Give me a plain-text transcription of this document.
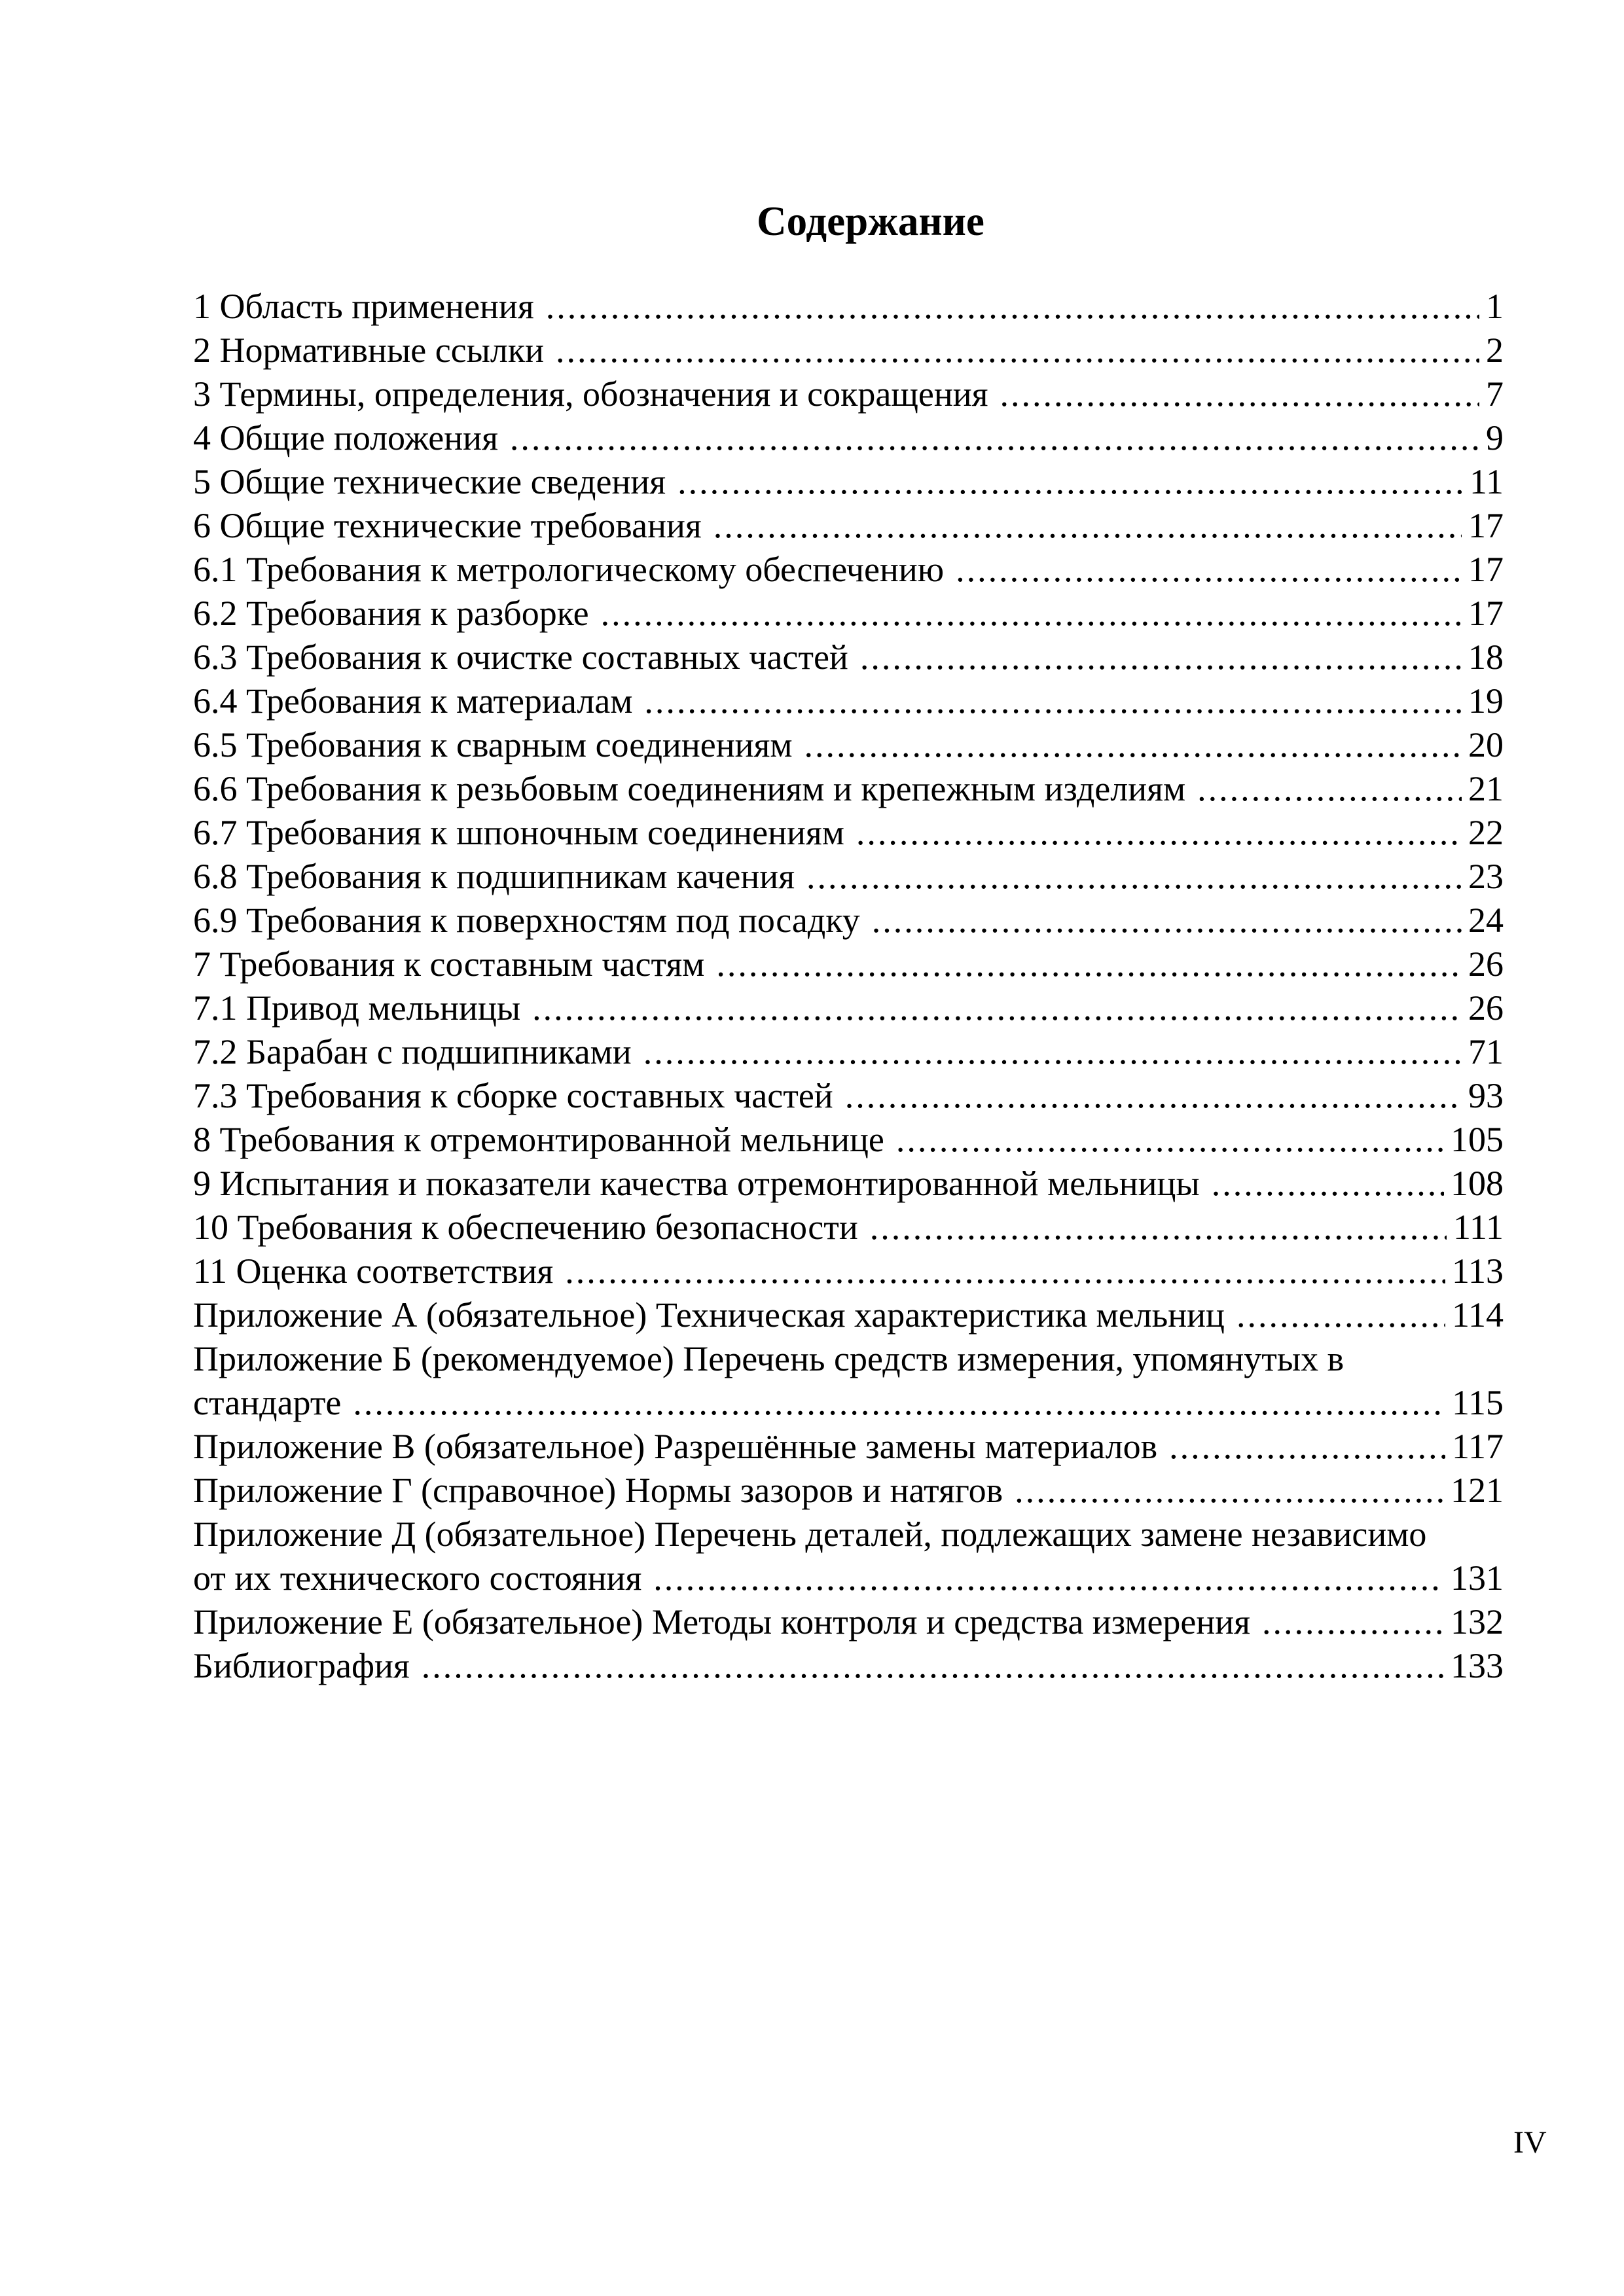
Содержание
1 Область применения .....	1
2 Нормативные ссылки .....	2
3 Термины, определения, обозначения и сокращения .....	7
4 Общие положения .....	9
5 Общие технические сведения .....	11
6 Общие технические требования .....	17
6.1 Требования к метрологическому обеспечению .....	17
6.2 Требования к разборке .....	17
6.3 Требования к очистке составных частей .....	18
6.4 Требования к материалам .....	19
6.5 Требования к сварным соединениям .....	20
6.6 Требования к резьбовым соединениям и крепежным изделиям .....	21
6.7 Требования к шпоночным соединениям .....	22
6.8 Требования к подшипникам качения .....	23
6.9 Требования к поверхностям под посадку .....	24
7 Требования к составным частям .....	26
7.1 Привод мельницы .....	26
7.2 Барабан с подшипниками .....	71
7.3 Требования к сборке составных частей .....	93
8 Требования к отремонтированной мельнице .....	105
9 Испытания и показатели качества отремонтированной мельницы .....	108
10 Требования к обеспечению безопасности .....	111
11 Оценка соответствия .....	113
Приложение А (обязательное) Техническая характеристика мельниц .....	114
Приложение Б (рекомендуемое) Перечень средств измерения, упомянутых в
стандарте .....	115
Приложение В (обязательное) Разрешённые замены материалов .....	117
Приложение Г (справочное) Нормы зазоров и натягов .....	121
Приложение Д (обязательное) Перечень деталей, подлежащих замене независимо
от их технического состояния .....	131
Приложение Е (обязательное) Методы контроля и средства измерения .....	132
Библиография .....	133
IV
